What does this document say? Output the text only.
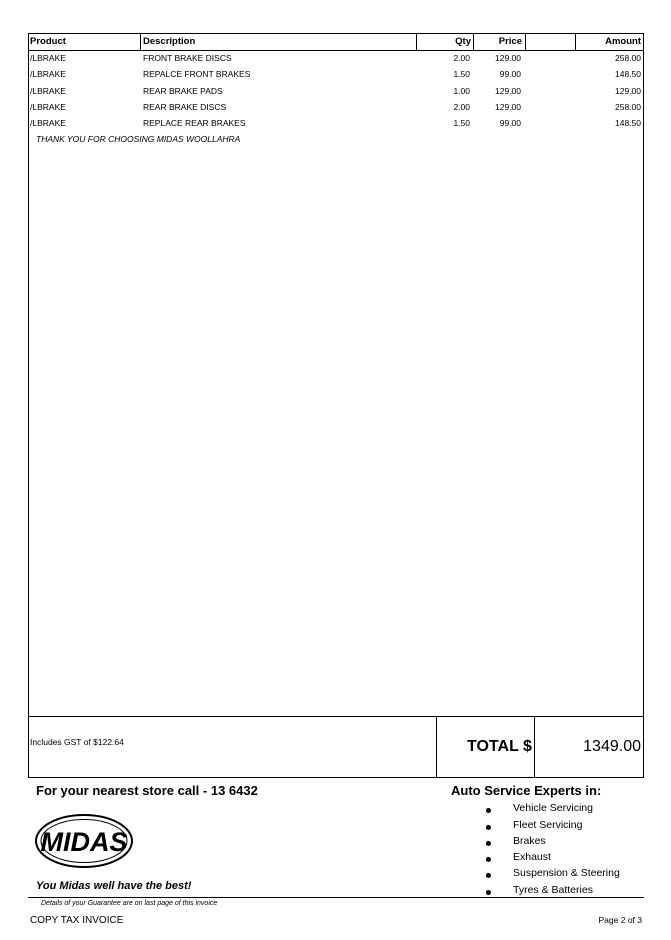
Product	Description	Qty	Price	Amount
/LBRAKE	FRONT BRAKE DISCS	2.00	129.00	258.00
/LBRAKE	REPALCE FRONT BRAKES	1.50	99.00	148.50
/LBRAKE	REAR BRAKE PADS	1.00	129.00	129.00
/LBRAKE	REAR BRAKE DISCS	2.00	129.00	258.00
/LBRAKE	REPLACE REAR BRAKES	1.50	99.00	148.50
THANK YOU FOR CHOOSING MIDAS WOOLLAHRA
Includes GST of $122.64	TOTAL $	1349.00
For your nearest store call - 13 6432
MIDAS
You Midas well have the best!
Auto Service Experts in:
Vehicle Servicing
Fleet Servicing
Brakes
Exhaust
Suspension & Steering
Tyres & Batteries
Details of your Guarantee are on last page of this invoice
COPY TAX INVOICE	Page 2 of 3
